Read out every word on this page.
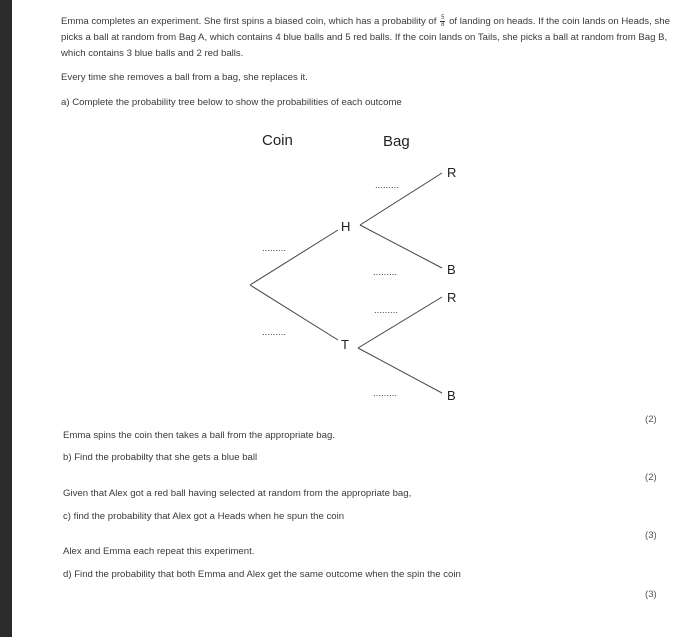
Emma completes an experiment. She first spins a biased coin, which has a probability of $\frac{5}{8}$ of landing on heads. If the coin lands on Heads, she picks a ball at random from Bag A, which contains 4 blue balls and 5 red balls. If the coin lands on Tails, she picks a ball at random from Bag B, which contains 3 blue balls and 2 red balls.
Every time she removes a ball from a bag, she replaces it.
a) Complete the probability tree below to show the probabilities of each outcome
Coin	Bag
H
T
R
B
R
B
.........
.........
.........
.........
.........
.........
(2)
Emma spins the coin then takes a ball from the appropriate bag.
b) Find the probabilty that she gets a blue ball
(2)
Given that Alex got a red ball having selected at random from the appropriate bag,
c) find the probability that Alex got a Heads when he spun the coin
(3)
Alex and Emma each repeat this experiment.
d) Find the probability that both Emma and Alex get the same outcome when the spin the coin
(3)
